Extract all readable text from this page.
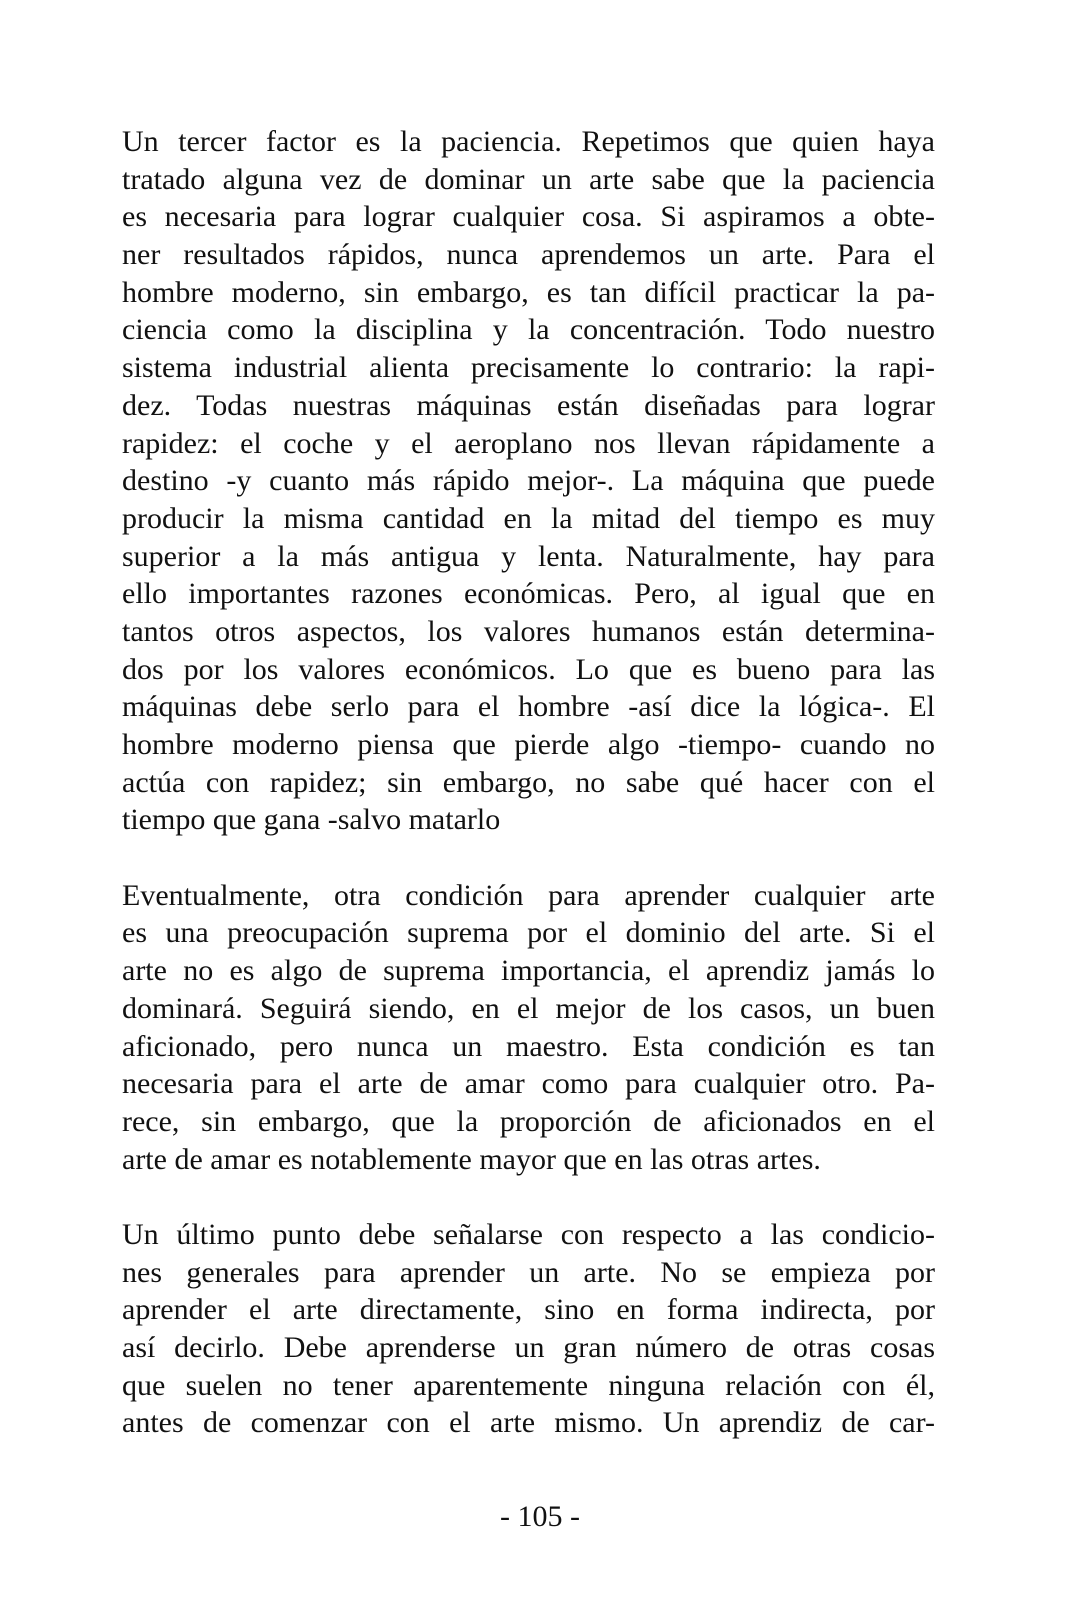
Un tercer factor es la paciencia. Repetimos que quien haya
tratado alguna vez de dominar un arte sabe que la paciencia
es necesaria para lograr cualquier cosa. Si aspiramos a obte-
ner resultados rápidos, nunca aprendemos un arte. Para el
hombre moderno, sin embargo, es tan difícil practicar la pa-
ciencia como la disciplina y la concentración. Todo nuestro
sistema industrial alienta precisamente lo contrario: la rapi-
dez. Todas nuestras máquinas están diseñadas para lograr
rapidez: el coche y el aeroplano nos llevan rápidamente a
destino -y cuanto más rápido mejor-. La máquina que puede
producir la misma cantidad en la mitad del tiempo es muy
superior a la más antigua y lenta. Naturalmente, hay para
ello importantes razones económicas. Pero, al igual que en
tantos otros aspectos, los valores humanos están determina-
dos por los valores económicos. Lo que es bueno para las
máquinas debe serlo para el hombre -así dice la lógica-. El
hombre moderno piensa que pierde algo -tiempo- cuando no
actúa con rapidez; sin embargo, no sabe qué hacer con el
tiempo que gana -salvo matarlo
Eventualmente, otra condición para aprender cualquier arte
es una preocupación suprema por el dominio del arte. Si el
arte no es algo de suprema importancia, el aprendiz jamás lo
dominará. Seguirá siendo, en el mejor de los casos, un buen
aficionado, pero nunca un maestro. Esta condición es tan
necesaria para el arte de amar como para cualquier otro. Pa-
rece, sin embargo, que la proporción de aficionados en el
arte de amar es notablemente mayor que en las otras artes.
Un último punto debe señalarse con respecto a las condicio-
nes generales para aprender un arte. No se empieza por
aprender el arte directamente, sino en forma indirecta, por
así decirlo. Debe aprenderse un gran número de otras cosas
que suelen no tener aparentemente ninguna relación con él,
antes de comenzar con el arte mismo. Un aprendiz de car-
- 105 -
